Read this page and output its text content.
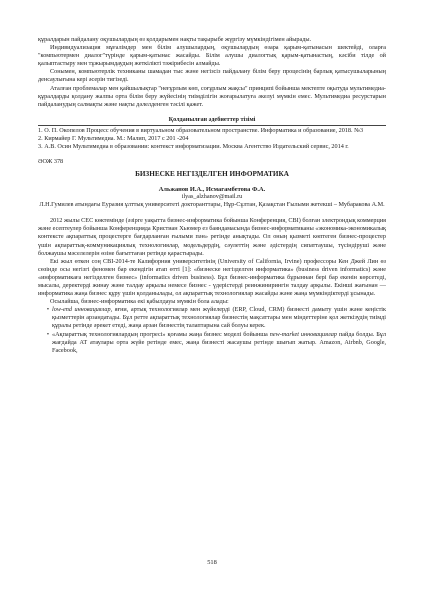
құралдарын пайдалану оқушылардың өз қолдарымен нақты тақырыбе жүргізу мүмкіндігімен айырады.

Индивидуализация мұғалімдер мен білім алушылардың, оқушылардың өзара қарым-қатынасын шектейді, оларға "компьютермен диалог"түрінде қарым-қатынас жасайды. Білім алушы диалогтық қарым-қатынастың, кәсіби тілде ой қалыптастыру мен тұжырымдаудың жеткілікті тәжірибесін алмайды.

Сонымен, компьютерлік техниканы шамадан тыс және негізсіз пайдалану білім беру процесінің барлық қатысушыларының денсаулығына кері әсерін тигізеді.

Аталған проблемалар мен қайшылықтар "неғұрлым көп, соғұрлым жақсы" принципі бойынша мектепте оқытуда мультимедиа-құралдарды қолдану жалпы орта білім беру жүйесінің тиімділігін жоғарылатуға әкелуі мүмкін емес. Мультимедиа ресурстарын пайдаланудың салмақты және нақты дәлелденген тәсілі қажет.

Қолданылған әдебиеттер тізімі

1. О. П. Окопелов Процесс обучения в виртуальном образовательном пространстве. Информатика и образование, 2018. №3

2. Кирмайер Г. Мультимедиа. М.: Малип, 2017 с 201 -204

3. А.В. Осин Мультимедиа в образовании: контекст информатизации. Москва Агентство Издательский сервис, 2014 г.

ӘОЖ 378
БИЗНЕСКЕ НЕГІЗДЕЛГЕН ИНФОРМАТИКА
Альжанов И.А., Исмагамбетова Ф.А.
ilyas_alzhanov@mail.ru
Л.Н.Гумилев атындағы Еуразия ұлттық университеті докторанттары, Нұр-Сұлтан, Қазақстан Ғылыми жетекші – Мубаракова А.М.

2012 жылы CEC көктемінде (әзірге уақытта бизнес-информатика бойынша Конференция, CBI) болған электрондық коммерция және есептеулер бойынша Конференцияда Кристиан Хьюмер ез баяндамасында бизнес-информатиканы «экономика-экономикалық контексте ақпараттық процестерге бағдарланған ғылыми пән» ретінде анықтады. Ол оның қызметі көптеген бизнес-процестер үшін ақпараттық-коммуникациялық технологиялар, модельдердің, сәулеттің және әдістердің сипаттаушы, түсіндіруші және болжаушы мәселелерін өзіне бағыттаған ретінде қарастырады.

Екі жыл өткен соң CBI-2014-те Калифорния университетінің (University of California, Irvine) профессоры Кен Джей Лин өз сөзінде осы негізгі феномен бар екендігін атап өтті [1]: «бизнеске негізделген информатика» (business driven informatics) және «информатикаға негізделген бизнес» (informatics driven business). Бұл бизнес-информатика бұрыннан бері бар екенін көрсетеді, мысалы, деректерді жинау және талдау арқылы немесе бизнес - үдерістерді реинжинирингін талдау арқылы. Екінші жағынан — информатика жаңа бизнес құру үшін қолданылады, ол ақпараттық технологиялар жасайды және жаңа мүмкіндіктерді ұсынады.

Осылайша, бизнес-информатика екі қабылдауы мүмкін бола алады:

• low-end инновациялар, яғни, артық технологиялар мен жүйелерді (ERP, Cloud, CRM) бизнесті дамыту үшін және кеңістік қызметтерін арзандатады. Бұл ретте ақпараттық технологиялар бизнестің мақсаттары мен міндеттеріне қол жеткізудің тиімді құралы ретінде әрекет етеді, жаңа арзан бизнестің талаптарына сай болуы керек.
• «Ақпараттық технологиялардың прогресі» қоғамы жаңа бизнес моделі бойынша new-market инновациялар пайда болды. Бұл жағдайда АТ атаулары орта жүйе ретінде емес, жаңа бизнесті жасаушы ретінде шығып жатыр. Amazon, Airbnb, Google, Facebook,
518
